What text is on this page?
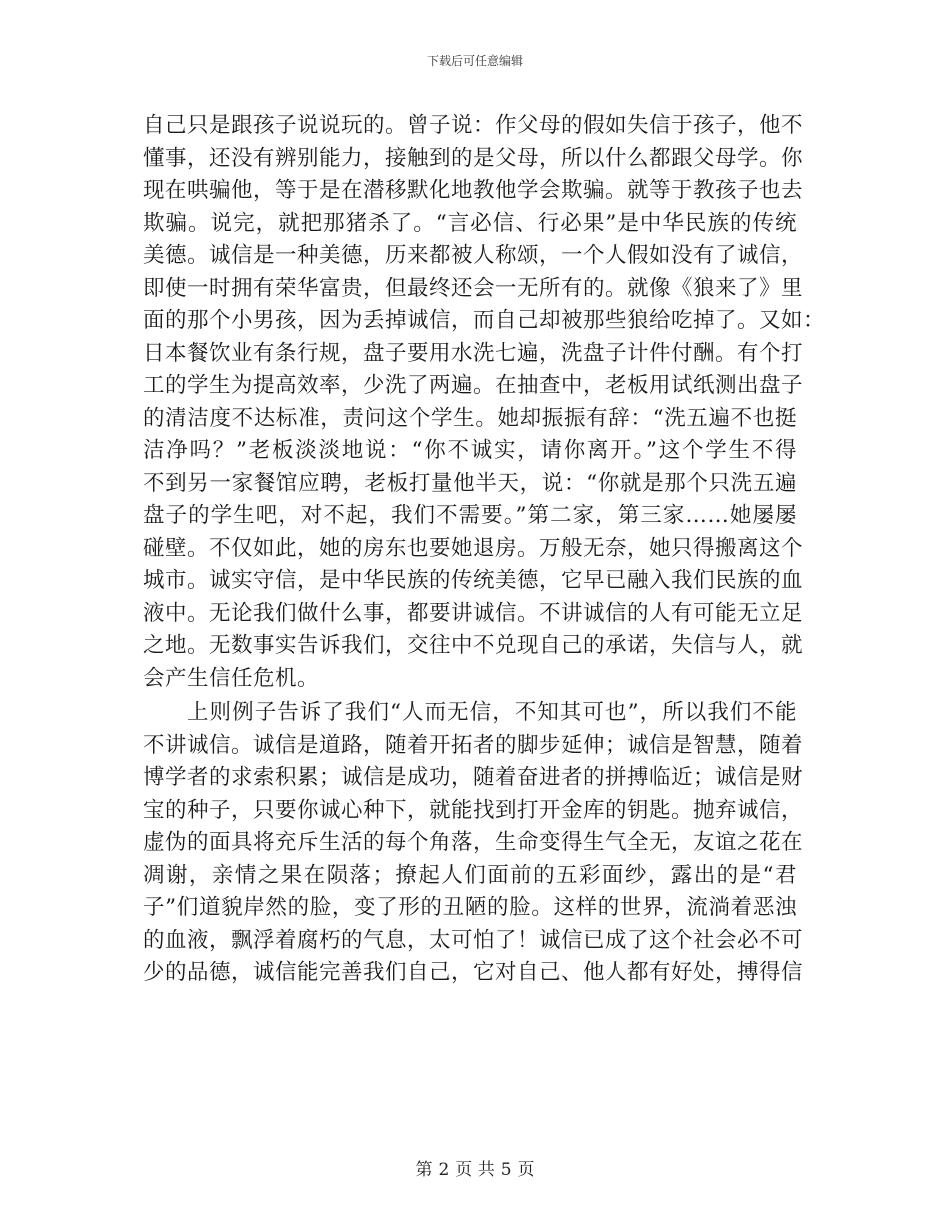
下载后可任意编辑
自己只是跟孩子说说玩的。曾子说：作父母的假如失信于孩子，他不
懂事，还没有辨别能力，接触到的是父母，所以什么都跟父母学。你
现在哄骗他，等于是在潜移默化地教他学会欺骗。就等于教孩子也去
欺骗。说完，就把那猪杀了。“言必信、行必果”是中华民族的传统
美德。诚信是一种美德，历来都被人称颂，一个人假如没有了诚信，
即使一时拥有荣华富贵，但最终还会一无所有的。就像《狼来了》里
面的那个小男孩，因为丢掉诚信，而自己却被那些狼给吃掉了。又如：
日本餐饮业有条行规，盘子要用水洗七遍，洗盘子计件付酬。有个打
工的学生为提高效率，少洗了两遍。在抽查中，老板用试纸测出盘子
的清洁度不达标准，责问这个学生。她却振振有辞：“洗五遍不也挺
洁净吗？”老板淡淡地说：“你不诚实，请你离开。”这个学生不得
不到另一家餐馆应聘，老板打量他半天，说：“你就是那个只洗五遍
盘子的学生吧，对不起，我们不需要。”第二家，第三家……她屡屡
碰壁。不仅如此，她的房东也要她退房。万般无奈，她只得搬离这个
城市。诚实守信，是中华民族的传统美德，它早已融入我们民族的血
液中。无论我们做什么事，都要讲诚信。不讲诚信的人有可能无立足
之地。无数事实告诉我们，交往中不兑现自己的承诺，失信与人，就
会产生信任危机。
上则例子告诉了我们“人而无信，不知其可也”，所以我们不能
不讲诚信。诚信是道路，随着开拓者的脚步延伸；诚信是智慧，随着
博学者的求索积累；诚信是成功，随着奋进者的拼搏临近；诚信是财
宝的种子，只要你诚心种下，就能找到打开金库的钥匙。抛弃诚信，
虚伪的面具将充斥生活的每个角落，生命变得生气全无，友谊之花在
凋谢，亲情之果在陨落；撩起人们面前的五彩面纱，露出的是“君
子”们道貌岸然的脸，变了形的丑陋的脸。这样的世界，流淌着恶浊
的血液，飘浮着腐朽的气息，太可怕了！诚信已成了这个社会必不可
少的品德，诚信能完善我们自己，它对自己、他人都有好处，搏得信
第 2 页 共 5 页
